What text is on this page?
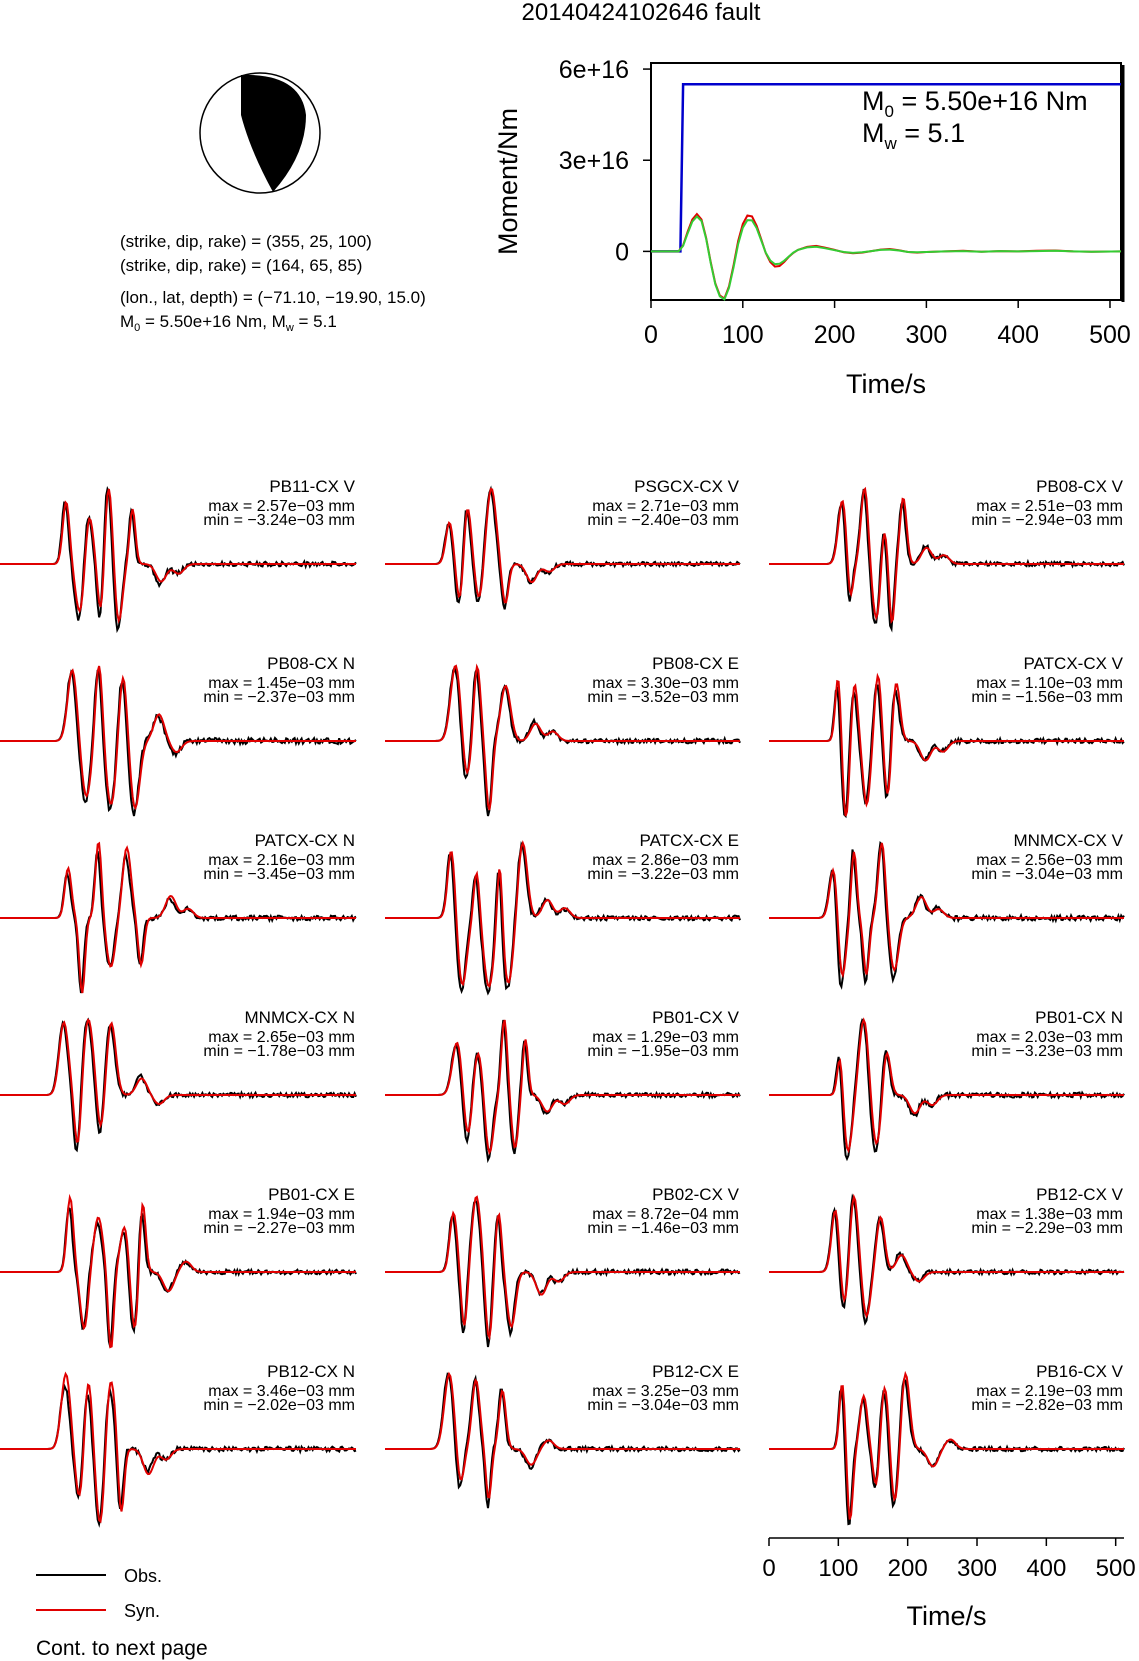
20140424102646 fault
(strike, dip, rake) = (355, 25, 100)
(strike, dip, rake) = (164, 65, 85)
(lon., lat, depth) = (−71.10, −19.90, 15.0)
$M_0 = 5.50e+16$ Nm, $M_w = 5.1$
0
3e+16
6e+16
0	100 200 300 400 500
Time/s
Moment/Nm
$M_0 = 5.50e+16$ Nm
$M_w = 5.1$
PB11-CX V
max = 2.57e−03 mm
min = −3.24e−03 mm
PSGCX-CX V
max = 2.71e−03 mm
min = −2.40e−03 mm
PB08-CX V
max = 2.51e−03 mm
min = −2.94e−03 mm
PB08-CX N
max = 1.45e−03 mm
min = −2.37e−03 mm
PB08-CX E
max = 3.30e−03 mm
min = −3.52e−03 mm
PATCX-CX V
max = 1.10e−03 mm
min = −1.56e−03 mm
PATCX-CX N
max = 2.16e−03 mm
min = −3.45e−03 mm
PATCX-CX E
max = 2.86e−03 mm
min = −3.22e−03 mm
MNMCX-CX V
max = 2.56e−03 mm
min = −3.04e−03 mm
MNMCX-CX N
max = 2.65e−03 mm
min = −1.78e−03 mm
PB01-CX V
max = 1.29e−03 mm
min = −1.95e−03 mm
PB01-CX N
max = 2.03e−03 mm
min = −3.23e−03 mm
PB01-CX E
max = 1.94e−03 mm
min = −2.27e−03 mm
PB02-CX V
max = 8.72e−04 mm
min = −1.46e−03 mm
PB12-CX V
max = 1.38e−03 mm
min = −2.29e−03 mm
PB12-CX N
max = 3.46e−03 mm
min = −2.02e−03 mm
PB12-CX E
max = 3.25e−03 mm
min = −3.04e−03 mm
PB16-CX V
max = 2.19e−03 mm
min = −2.82e−03 mm
0 100 200 300 400 500
Time/s
Obs.
Syn.
Cont. to next page
